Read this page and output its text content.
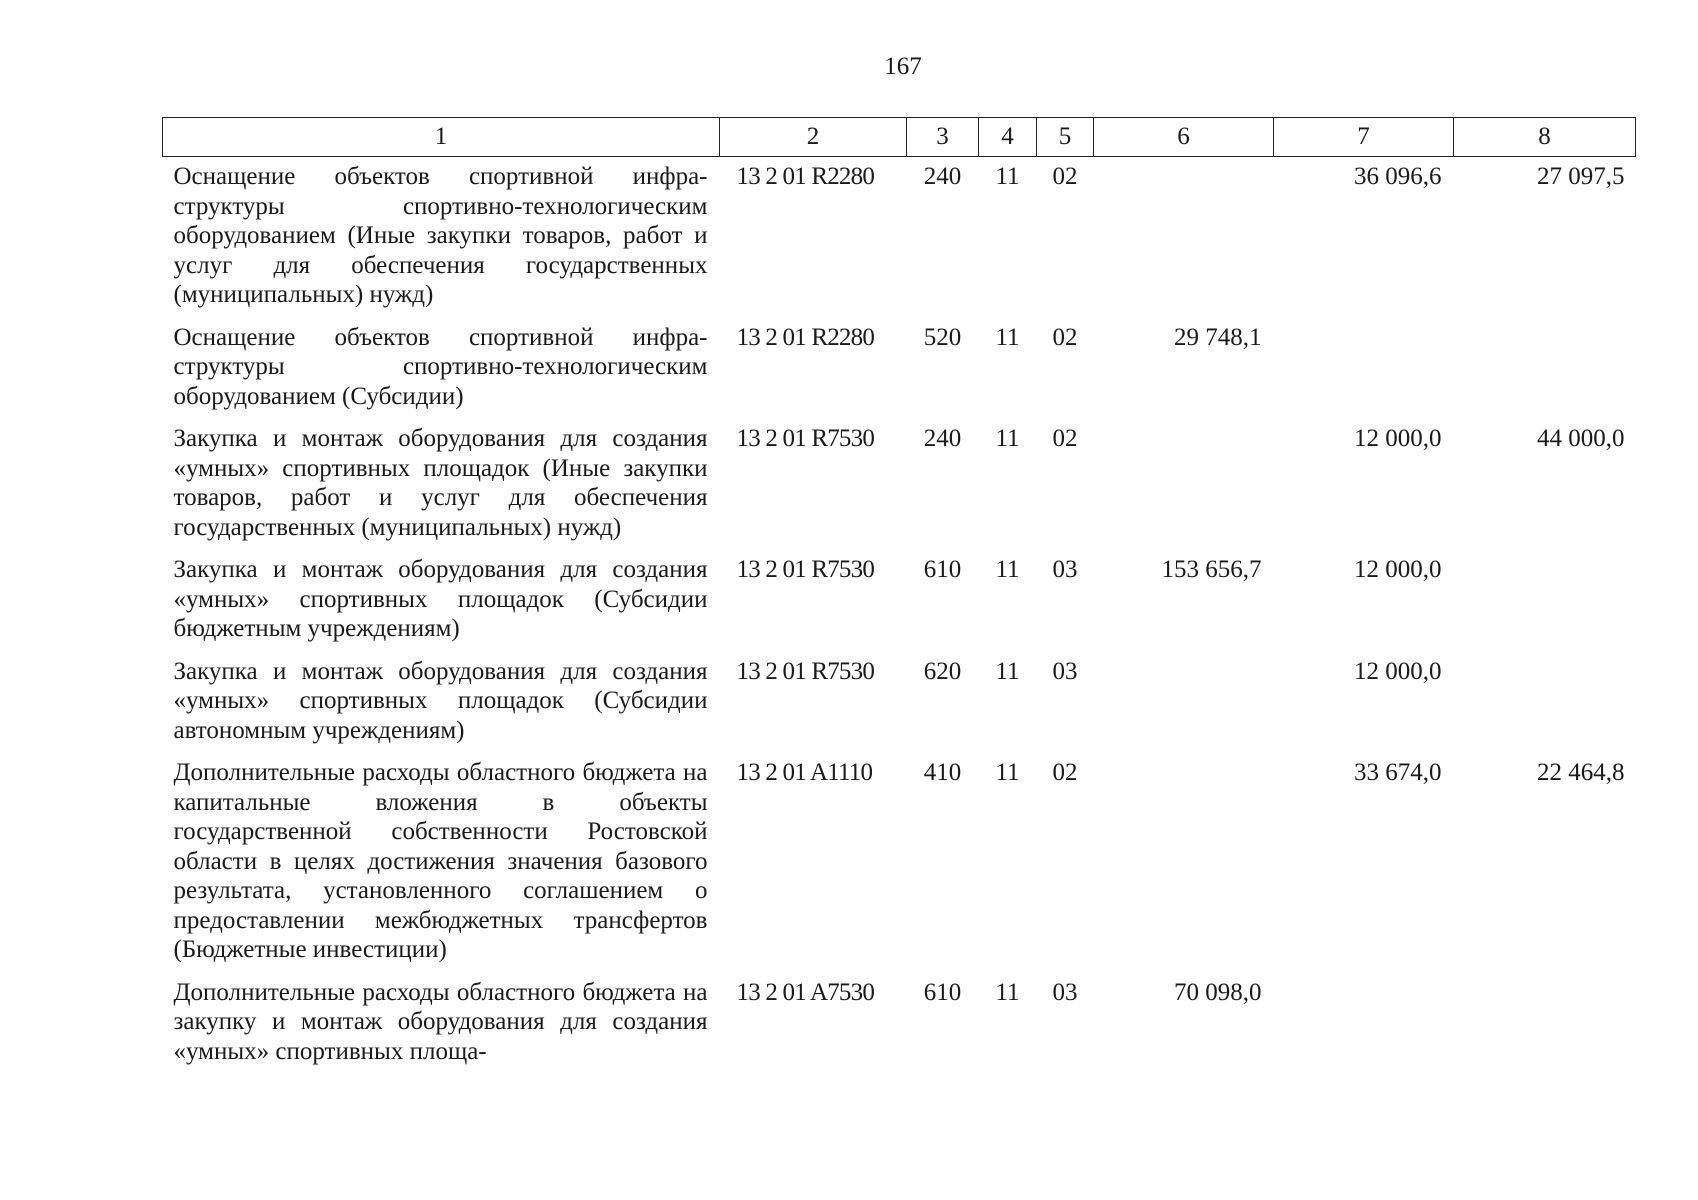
167
1	2	3	4	5	6	7	8
Оснащение объектов спортивной инфраструктуры спортивно-технологическим оборудованием (Иные закупки товаров, работ и услуг для обеспечения государственных (муниципальных) нужд)	13 2 01 R2280	240	11	02		36 096,6	27 097,5
Оснащение объектов спортивной инфраструктуры спортивно-технологическим оборудованием (Субсидии)	13 2 01 R2280	520	11	02	29 748,1		
Закупка и монтаж оборудования для создания «умных» спортивных площадок (Иные закупки товаров, работ и услуг для обеспечения государственных (муниципальных) нужд)	13 2 01 R7530	240	11	02		12 000,0	44 000,0
Закупка и монтаж оборудования для создания «умных» спортивных площадок (Субсидии бюджетным учреждениям)	13 2 01 R7530	610	11	03	153 656,7	12 000,0	
Закупка и монтаж оборудования для создания «умных» спортивных площадок (Субсидии автономным учреждениям)	13 2 01 R7530	620	11	03		12 000,0	
Дополнительные расходы областного бюджета на капитальные вложения в объекты государственной собственности Ростовской области в целях достижения значения базового результата, установленного соглашением о предоставлении межбюджетных трансфертов (Бюджетные инвестиции)	13 2 01 A1110	410	11	02		33 674,0	22 464,8
Дополнительные расходы областного бюджета на закупку и монтаж оборудования для создания «умных» спортивных площа-	13 2 01 A7530	610	11	03	70 098,0		
